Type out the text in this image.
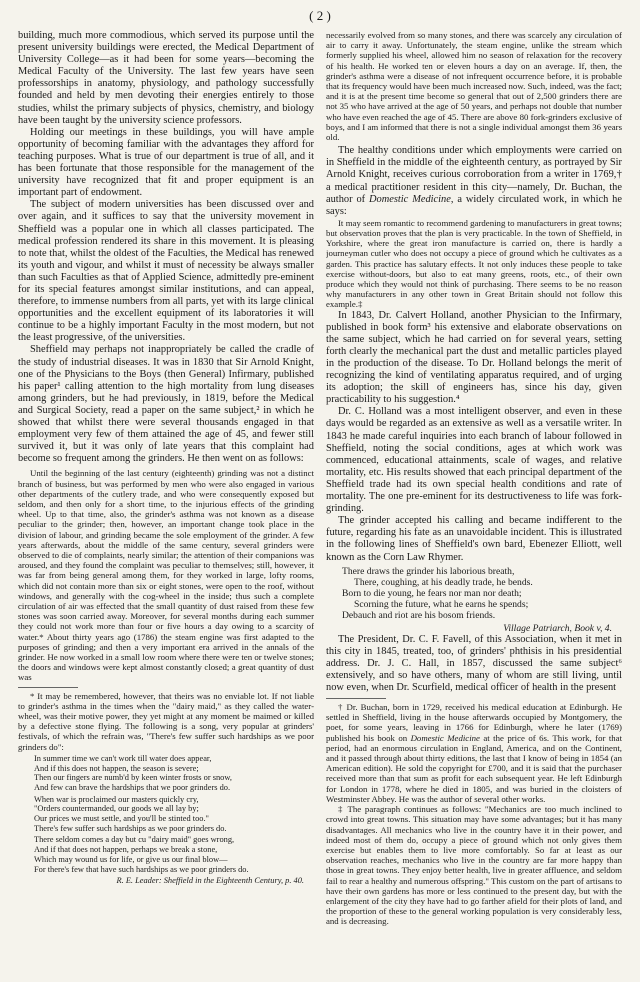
( 2 )

building, much more commodious, which served its purpose until the present university buildings were erected, the Medical Department of University College—as it had been for some years—becoming the Medical Faculty of the University. The last few years have seen professorships in anatomy, physiology, and pathology successfully founded and held by men devoting their energies entirely to those studies, whilst the primary subjects of physics, chemistry, and biology have been taught by the university science professors.

Holding our meetings in these buildings, you will have ample opportunity of becoming familiar with the advantages they afford for teaching purposes. What is true of our department is true of all, and it has been fortunate that those responsible for the management of the university have recognized that fit and proper equipment is an important part of endowment.

The subject of modern universities has been discussed over and over again, and it suffices to say that the university movement in Sheffield was a popular one in which all classes participated. The medical profession rendered its share in this movement. It is pleasing to note that, whilst the oldest of the Faculties, the Medical has renewed its youth and vigour, and whilst it must of necessity be always smaller than such Faculties as that of Applied Science, admittedly pre-eminent for its special features amongst similar institutions, and can appeal, therefore, to immense numbers from all parts, yet with its large clinical opportunities and the excellent equipment of its laboratories it will continue to be a highly important Faculty in the most modern, but not the least progressive, of the universities.

Sheffield may perhaps not inappropriately be called the cradle of the study of industrial diseases. It was in 1830 that Sir Arnold Knight, one of the Physicians to the Boys (then General) Infirmary, published his paper¹ calling attention to the high mortality from lung diseases among grinders, but he had previously, in 1819, before the Medical and Surgical Society, read a paper on the same subject,² in which he showed that whilst there were several thousands engaged in that employment very few of them attained the age of 45, and fewer still survived it, but it was only of late years that this complaint had become so frequent among the grinders. He then went on as follows:

Until the beginning of the last century (eighteenth) grinding was not a distinct branch of business, but was performed by men who were also engaged in various other departments of the cutlery trade, and who were consequently exposed but seldom, and then only for a short time, to the injurious effects of the grinding wheel. Up to that time, also, the grinder's asthma was not known as a disease peculiar to the grinder; then, however, an important change took place in the division of labour, and grinding became the sole employment of the grinder. A few years afterwards, about the middle of the same century, several grinders were observed to die of complaints, nearly similar; the attention of their companions was aroused, and they found the complaint was peculiar to themselves; still, however, it was far from being general among them, for they worked in large, lofty rooms, which did not contain more than six or eight stones, were open to the roof, without windows, and generally with the cog-wheel in the inside; thus such a complete circulation of air was effected that the small quantity of dust raised from these few stones was soon carried away. Moreover, for several months during each summer they could not work more than four or five hours a day owing to a scarcity of water.* About thirty years ago (1786) the steam engine was first adapted to the purposes of grinding; and then a very important era arrived in the annals of the grinder. He now worked in a small low room where there were ten or twelve stones; the doors and windows were kept almost constantly closed; a great quantity of dust was

* It may be remembered, however, that theirs was no enviable lot. If not liable to grinder's asthma in the times when the "dairy maid," as they called the water-wheel, was their motive power, they yet might at any moment be maimed or killed by a defective stone flying. The following is a song, very popular at grinders' festivals, of which the refrain was, "There's few suffer such hardships as we poor grinders do":

In summer time we can't work till water does appear,
And if this does not happen, the season is severe;
Then our fingers are numb'd by keen winter frosts or snow,
And few can brave the hardships that we poor grinders do.
When war is proclaimed our masters quickly cry,
"Orders countermanded, our goods we all lay by;
Our prices we must settle, and you'll be stinted too."
There's few suffer such hardships as we poor grinders do.
There seldom comes a day but cu "dairy maid" goes wrong,
And if that does not happen, perhaps we break a stone,
Which may wound us for life, or give us our final blow—
For there's few that have such hardships as we poor grinders do.
R. E. Leader: Sheffield in the Eighteenth Century, p. 40.

necessarily evolved from so many stones, and there was scarcely any circulation of air to carry it away. Unfortunately, the steam engine, unlike the stream which formerly supplied his wheel, allowed him no season of relaxation for the recovery of his health. He worked ten or eleven hours a day on an average. If, then, the grinder's asthma were a disease of not infrequent occurrence before, it is probable that its frequency would have been much increased now. Such, indeed, was the fact; and it is at the present time become so general that out of 2,500 grinders there are not 35 who have arrived at the age of 50 years, and perhaps not double that number who have even reached the age of 45. There are above 80 fork-grinders exclusive of boys, and I am informed that there is not a single individual amongst them 36 years old.

The healthy conditions under which employments were carried on in Sheffield in the middle of the eighteenth century, as portrayed by Sir Arnold Knight, receives curious corroboration from a writer in 1769,† a medical practitioner resident in this city—namely, Dr. Buchan, the author of Domestic Medicine, a widely circulated work, in which he says:

It may seem romantic to recommend gardening to manufacturers in great towns; but observation proves that the plan is very practicable. In the town of Sheffield, in Yorkshire, where the great iron manufacture is carried on, there is hardly a journeyman cutler who does not occupy a piece of ground which he cultivates as a garden. This practice has salutary effects. It not only induces these people to take exercise without-doors, but also to eat many greens, roots, etc., of their own produce which they would not think of purchasing. There seems to be no reason why manufacturers in any other town in Great Britain should not follow this example.‡

In 1843, Dr. Calvert Holland, another Physician to the Infirmary, published in book form³ his extensive and elaborate observations on the same subject, which he had carried on for several years, setting forth clearly the mechanical part the dust and metallic particles played in the production of the disease. To Dr. Holland belongs the merit of recognizing the kind of ventilating apparatus required, and of urging its adoption; the skill of engineers has, since his day, given practicability to his suggestion.⁴

Dr. C. Holland was a most intelligent observer, and even in these days would be regarded as an extensive as well as a versatile writer. In 1843 he made careful inquiries into each branch of labour followed in Sheffield, noting the social conditions, ages at which work was commenced, educational attainments, scale of wages, and relative mortality, etc. His results showed that each principal department of the Sheffield trade had its own special health conditions and rate of mortality. The one pre-eminent for its destructiveness to life was fork-grinding.

The grinder accepted his calling and became indifferent to the future, regarding his fate as an unavoidable incident. This is illustrated in the following lines of Sheffield's own bard, Ebenezer Elliott, well known as the Corn Law Rhymer.

There draws the grinder his laborious breath,
There, coughing, at his deadly trade, he bends.
Born to die young, he fears nor man nor death;
Scorning the future, what he earns he spends;
Debauch and riot are his bosom friends.
Village Patriarch, Book v, 4.

The President, Dr. C. F. Favell, of this Association, when it met in this city in 1845, treated, too, of grinders' phthisis in his presidential address. Dr. J. C. Hall, in 1857, discussed the same subject⁶ extensively, and so have others, many of whom are still living, until now even, when Dr. Scurfield, medical officer of health in the present

† Dr. Buchan, born in 1729, received his medical education at Edinburgh. He settled in Sheffield, living in the house afterwards occupied by Montgomery, the poet, for some years, leaving in 1766 for Edinburgh, where he later (1769) published his book on Domestic Medicine at the price of 6s. This work, for that period, had an enormous circulation in England, America, and on the Continent, and it passed through about thirty editions, the last that I know of being in 1854 (an American edition). He sold the copyright for £700, and it is said that the purchaser received more than that sum as profit for each subsequent year. He left Edinburgh for London in 1778, where he died in 1805, and was buried in the cloisters of Westminster Abbey. He was the author of several other works.

‡ The paragraph continues as follows: "Mechanics are too much inclined to crowd into great towns. This situation may have some advantages; but it has many disadvantages. All mechanics who live in the country have it in their power, and indeed most of them do, occupy a piece of ground which not only gives them exercise but enables them to live more comfortably. So far at least as our observation reaches, mechanics who live in the country are far more happy than those in great towns. They enjoy better health, live in greater affluence, and seldom fail to rear a healthy and numerous offspring." This custom on the part of artisans to have their own gardens has more or less continued to the present day, but with the enlargement of the city they have had to go farther afield for their plots of land, and the proportion of these to the general working population is very considerably less, and is decreasing.
